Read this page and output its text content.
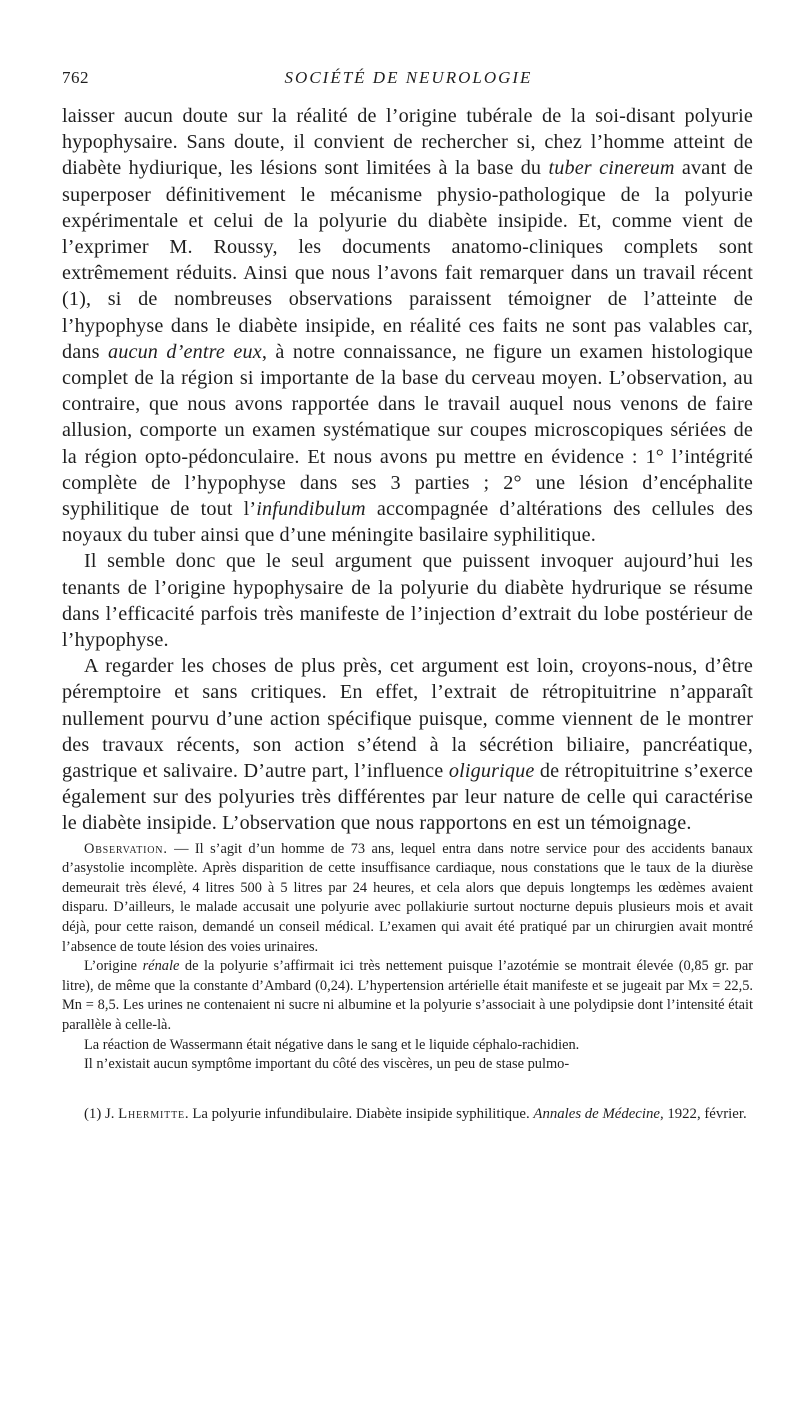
762	SOCIÉTÉ DE NEUROLOGIE

laisser aucun doute sur la réalité de l’origine tubérale de la soi-disant polyurie hypophysaire. Sans doute, il convient de rechercher si, chez l’homme atteint de diabète hydiurique, les lésions sont limitées à la base du tuber cinereum avant de superposer définitivement le mécanisme physio-pathologique de la polyurie expérimentale et celui de la polyurie du diabète insipide. Et, comme vient de l’exprimer M. Roussy, les documents anatomo-cliniques complets sont extrêmement réduits. Ainsi que nous l’avons fait remarquer dans un travail récent (1), si de nombreuses observations paraissent témoigner de l’atteinte de l’hypophyse dans le diabète insipide, en réalité ces faits ne sont pas valables car, dans aucun d’entre eux, à notre connaissance, ne figure un examen histologique complet de la région si importante de la base du cerveau moyen. L’observation, au contraire, que nous avons rapportée dans le travail auquel nous venons de faire allusion, comporte un examen systématique sur coupes microscopiques sériées de la région opto-pédonculaire. Et nous avons pu mettre en évidence : 1° l’intégrité complète de l’hypophyse dans ses 3 parties ; 2° une lésion d’encéphalite syphilitique de tout l’infundibulum accompagnée d’altérations des cellules des noyaux du tuber ainsi que d’une méningite basilaire syphilitique.

Il semble donc que le seul argument que puissent invoquer aujourd’hui les tenants de l’origine hypophysaire de la polyurie du diabète hydrurique se résume dans l’efficacité parfois très manifeste de l’injection d’extrait du lobe postérieur de l’hypophyse.

A regarder les choses de plus près, cet argument est loin, croyons-nous, d’être péremptoire et sans critiques. En effet, l’extrait de rétropituitrine n’apparaît nullement pourvu d’une action spécifique puisque, comme viennent de le montrer des travaux récents, son action s’étend à la sécrétion biliaire, pancréatique, gastrique et salivaire. D’autre part, l’influence oligurique de rétropituitrine s’exerce également sur des polyuries très différentes par leur nature de celle qui caractérise le diabète insipide. L’observation que nous rapportons en est un témoignage.

Observation. — Il s’agit d’un homme de 73 ans, lequel entra dans notre service pour des accidents banaux d’asystolie incomplète. Après disparition de cette insuffisance cardiaque, nous constations que le taux de la diurèse demeurait très élevé, 4 litres 500 à 5 litres par 24 heures, et cela alors que depuis longtemps les œdèmes avaient disparu. D’ailleurs, le malade accusait une polyurie avec pollakiurie surtout nocturne depuis plusieurs mois et avait déjà, pour cette raison, demandé un conseil médical. L’examen qui avait été pratiqué par un chirurgien avait montré l’absence de toute lésion des voies urinaires.

L’origine rénale de la polyurie s’affirmait ici très nettement puisque l’azotémie se montrait élevée (0,85 gr. par litre), de même que la constante d’Ambard (0,24). L’hypertension artérielle était manifeste et se jugeait par Mx = 22,5. Mn = 8,5. Les urines ne contenaient ni sucre ni albumine et la polyurie s’associait à une polydipsie dont l’intensité était parallèle à celle-là.

La réaction de Wassermann était négative dans le sang et le liquide céphalo-rachidien.

Il n’existait aucun symptôme important du côté des viscères, un peu de stase pulmo-

(1) J. Lhermitte. La polyurie infundibulaire. Diabète insipide syphilitique. Annales de Médecine, 1922, février.
